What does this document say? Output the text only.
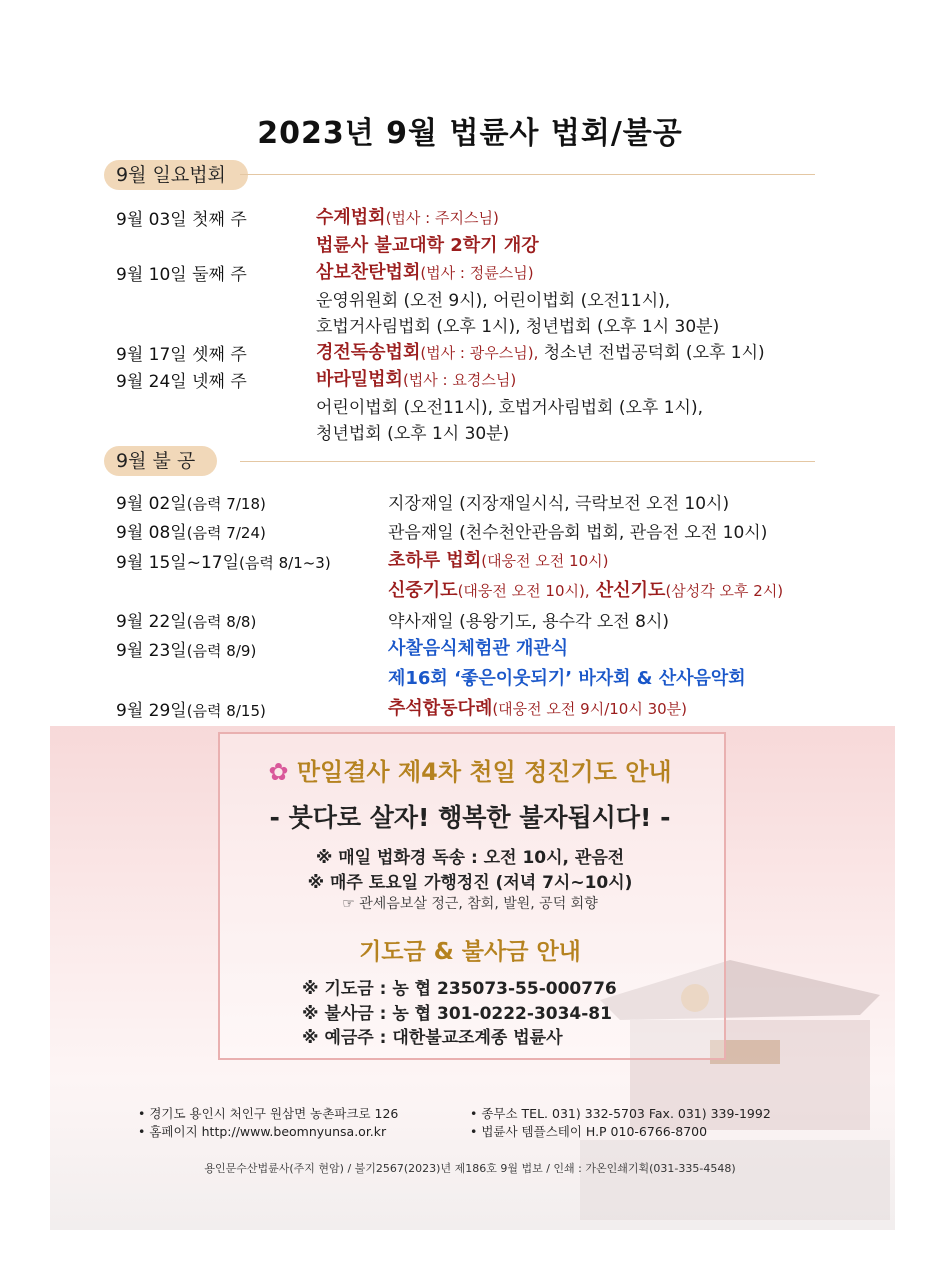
2023년 9월 법륜사 법회/불공
9월 일요법회
9월 03일 첫째 주	수계법회(법사 : 주지스님)
법륜사 불교대학 2학기 개강
9월 10일 둘째 주	삼보찬탄법회(법사 : 정륜스님)
운영위원회 (오전 9시), 어린이법회 (오전11시),
호법거사림법회 (오후 1시), 청년법회 (오후 1시 30분)
9월 17일 셋째 주	경전독송법회(법사 : 광우스님), 청소년 전법공덕회 (오후 1시)
9월 24일 넷째 주	바라밀법회(법사 : 요경스님)
어린이법회 (오전11시), 호법거사림법회 (오후 1시),
청년법회 (오후 1시 30분)
9월 불 공
9월 02일(음력 7/18)	지장재일 (지장재일시식, 극락보전 오전 10시)
9월 08일(음력 7/24)	관음재일 (천수천안관음회 법회, 관음전 오전 10시)
9월 15일~17일(음력 8/1~3)	초하루 법회(대웅전 오전 10시)
신중기도(대웅전 오전 10시), 산신기도(삼성각 오후 2시)
9월 22일(음력 8/8)	약사재일 (용왕기도, 용수각 오전 8시)
9월 23일(음력 8/9)	사찰음식체험관 개관식
제16회 ‘좋은이웃되기’ 바자회 & 산사음악회
9월 29일(음력 8/15)	추석합동다례(대웅전 오전 9시/10시 30분)
✿ 만일결사 제4차 천일 정진기도 안내
- 붓다로 살자! 행복한 불자됩시다! -
※ 매일 법화경 독송 : 오전 10시, 관음전
※ 매주 토요일 가행정진 (저녁 7시~10시)
☞ 관세음보살 정근, 참회, 발원, 공덕 회향
기도금 & 불사금 안내
※ 기도금 : 농 협 235073-55-000776
※ 불사금 : 농 협 301-0222-3034-81
※ 예금주 : 대한불교조계종 법륜사
• 경기도 용인시 처인구 원삼면 농촌파크로 126
• 홈페이지 http://www.beomnyunsa.or.kr
• 종무소 TEL. 031) 332-5703 Fax. 031) 339-1992
• 법륜사 템플스테이 H.P 010-6766-8700
용인문수산법륜사(주지 현암) / 불기2567(2023)년 제186호 9월 법보 / 인쇄 : 가온인쇄기획(031-335-4548)
